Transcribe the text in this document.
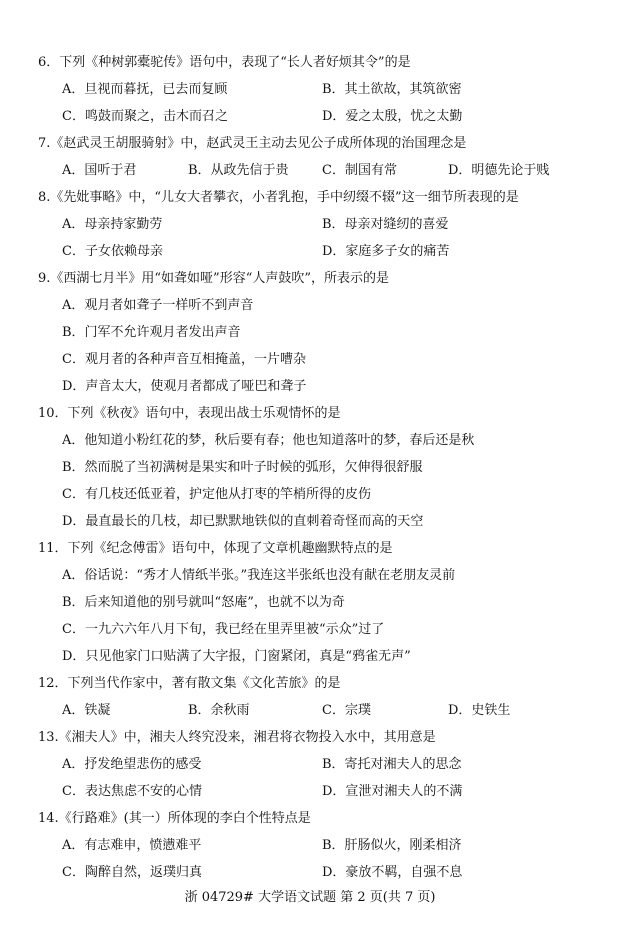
6．下列《种树郭橐驼传》语句中，表现了“长人者好烦其令”的是
A．旦视而暮抚，已去而复顾	B．其土欲故，其筑欲密
C．鸣鼓而聚之，击木而召之	D．爱之太殷，忧之太勤
7.《赵武灵王胡服骑射》中，赵武灵王主动去见公子成所体现的治国理念是
A．国听于君	B．从政先信于贵	C．制国有常	D．明德先论于贱
8.《先妣事略》中，“儿女大者攀衣，小者乳抱，手中纫缀不辍”这一细节所表现的是
A．母亲持家勤劳	B．母亲对缝纫的喜爱
C．子女依赖母亲	D．家庭多子女的痛苦
9.《西湖七月半》用“如聋如哑”形容“人声鼓吹”，所表示的是
A．观月者如聋子一样听不到声音
B．门军不允许观月者发出声音
C．观月者的各种声音互相掩盖，一片嘈杂
D．声音太大，使观月者都成了哑巴和聋子
10．下列《秋夜》语句中，表现出战士乐观情怀的是
A．他知道小粉红花的梦，秋后要有春；他也知道落叶的梦，春后还是秋
B．然而脱了当初满树是果实和叶子时候的弧形，欠伸得很舒服
C．有几枝还低亚着，护定他从打枣的竿梢所得的皮伤
D．最直最长的几枝，却已默默地铁似的直刺着奇怪而高的天空
11．下列《纪念傅雷》语句中，体现了文章机趣幽默特点的是
A．俗话说：“秀才人情纸半张。”我连这半张纸也没有献在老朋友灵前
B．后来知道他的别号就叫“怒庵”，也就不以为奇
C．一九六六年八月下旬，我已经在里弄里被“示众”过了
D．只见他家门口贴满了大字报，门窗紧闭，真是“鸦雀无声”
12．下列当代作家中，著有散文集《文化苦旅》的是
A．铁凝	B．余秋雨	C．宗璞	D．史铁生
13.《湘夫人》中，湘夫人终究没来，湘君将衣物投入水中，其用意是
A．抒发绝望悲伤的感受	B．寄托对湘夫人的思念
C．表达焦虑不安的心情	D．宣泄对湘夫人的不满
14.《行路难》(其一）所体现的李白个性特点是
A．有志难申，愤懑难平	B．肝肠似火，刚柔相济
C．陶醉自然，返璞归真	D．豪放不羁，自强不息
浙 04729# 大学语文试题 第 2 页(共 7 页)
